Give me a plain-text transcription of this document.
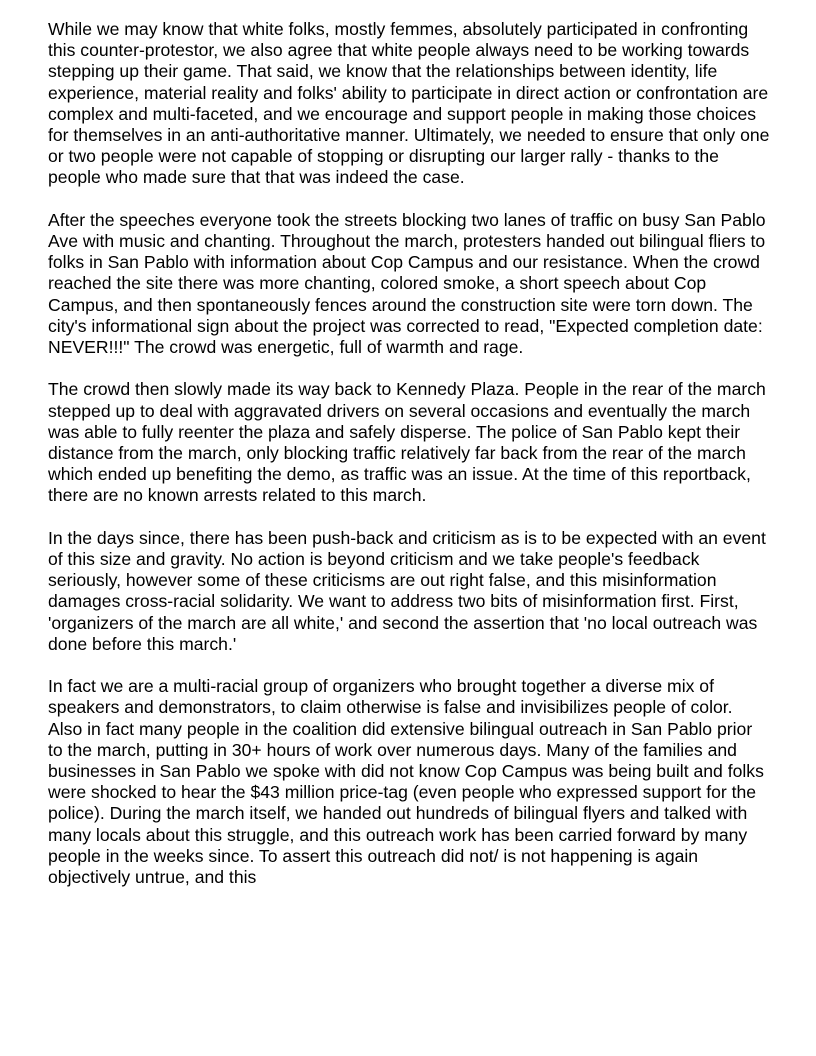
While we may know that white folks, mostly femmes, absolutely participated in confronting this counter-protestor, we also agree that white people always need to be working towards stepping up their game. That said, we know that the relationships between identity, life experience, material reality and folks' ability to participate in direct action or confrontation are complex and multi-faceted, and we encourage and support people in making those choices for themselves in an anti-authoritative manner. Ultimately, we needed to ensure that only one or two people were not capable of stopping or disrupting our larger rally - thanks to the people who made sure that that was indeed the case.

After the speeches everyone took the streets blocking two lanes of traffic on busy San Pablo Ave with music and chanting. Throughout the march, protesters handed out bilingual fliers to folks in San Pablo with information about Cop Campus and our resistance. When the crowd reached the site there was more chanting, colored smoke, a short speech about Cop Campus, and then spontaneously fences around the construction site were torn down. The city's informational sign about the project was corrected to read, "Expected completion date: NEVER!!!" The crowd was energetic, full of warmth and rage.

The crowd then slowly made its way back to Kennedy Plaza. People in the rear of the march stepped up to deal with aggravated drivers on several occasions and eventually the march was able to fully reenter the plaza and safely disperse. The police of San Pablo kept their distance from the march, only blocking traffic relatively far back from the rear of the march which ended up benefiting the demo, as traffic was an issue. At the time of this reportback, there are no known arrests related to this march.

In the days since, there has been push-back and criticism as is to be expected with an event of this size and gravity. No action is beyond criticism and we take people's feedback seriously, however some of these criticisms are out right false, and this misinformation damages cross-racial solidarity. We want to address two bits of misinformation first. First, 'organizers of the march are all white,' and second the assertion that 'no local outreach was done before this march.'

In fact we are a multi-racial group of organizers who brought together a diverse mix of speakers and demonstrators, to claim otherwise is false and invisibilizes people of color. Also in fact many people in the coalition did extensive bilingual outreach in San Pablo prior to the march, putting in 30+ hours of work over numerous days. Many of the families and businesses in San Pablo we spoke with did not know Cop Campus was being built and folks were shocked to hear the $43 million price-tag (even people who expressed support for the police). During the march itself, we handed out hundreds of bilingual flyers and talked with many locals about this struggle, and this outreach work has been carried forward by many people in the weeks since. To assert this outreach did not/ is not happening is again objectively untrue, and this
